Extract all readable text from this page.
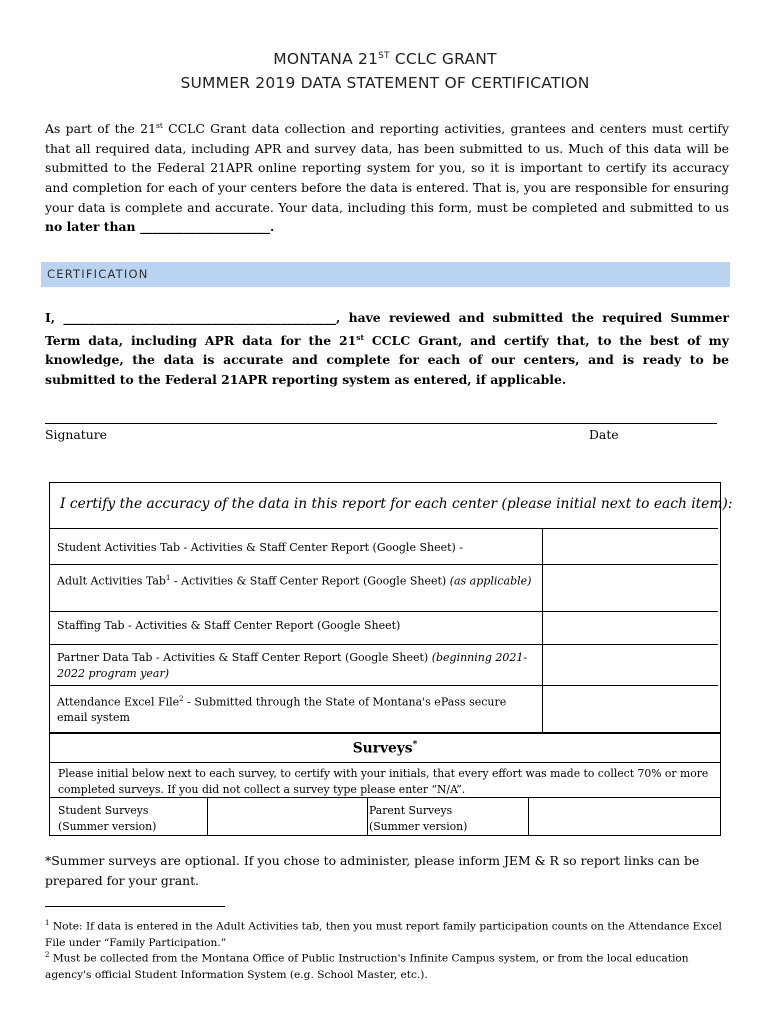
MONTANA 21ST CCLC GRANT
SUMMER 2019 DATA STATEMENT OF CERTIFICATION

As part of the 21st CCLC Grant data collection and reporting activities, grantees and centers must certify that all required data, including APR and survey data, has been submitted to us. Much of this data will be submitted to the Federal 21APR online reporting system for you, so it is important to certify its accuracy and completion for each of your centers before the data is entered. That is, you are responsible for ensuring your data is complete and accurate. Your data, including this form, must be completed and submitted to us no later than _____________________.

CERTIFICATION

I, ____________________________________________, have reviewed and submitted the required Summer Term data, including APR data for the 21st CCLC Grant, and certify that, to the best of my knowledge, the data is accurate and complete for each of our centers, and is ready to be submitted to the Federal 21APR reporting system as entered, if applicable.

Signature	Date
I certify the accuracy of the data in this report for each center (please initial next to each item):
Student Activities Tab - Activities & Staff Center Report (Google Sheet) -
Adult Activities Tab$^1$ - Activities & Staff Center Report (Google Sheet) (as applicable)
Staffing Tab - Activities & Staff Center Report (Google Sheet)
Partner Data Tab - Activities & Staff Center Report (Google Sheet) (beginning 2021-2022 program year)
Attendance Excel File$^2$ - Submitted through the State of Montana's ePass secure email system
Surveys*
Please initial below next to each survey, to certify with your initials, that every effort was made to collect 70% or more completed surveys. If you did not collect a survey type please enter “N/A”.
Student Surveys
(Summer version)
Parent Surveys
(Summer version)

*Summer surveys are optional. If you chose to administer, please inform JEM & R so report links can be prepared for your grant.

$^1$ Note: If data is entered in the Adult Activities tab, then you must report family participation counts on the Attendance Excel File under “Family Participation.”

$^2$ Must be collected from the Montana Office of Public Instruction's Infinite Campus system, or from the local education agency's official Student Information System (e.g. School Master, etc.).
